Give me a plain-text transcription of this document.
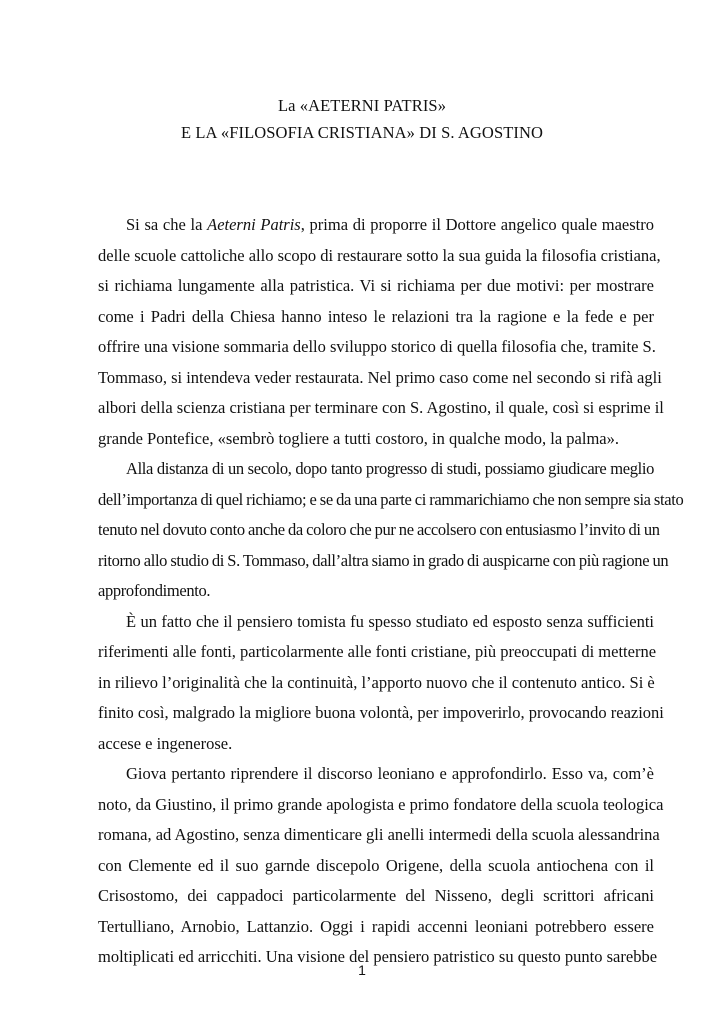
La «AETERNI PATRIS»
E LA «FILOSOFIA CRISTIANA» DI S. AGOSTINO

Si sa che la Aeterni Patris, prima di proporre il Dottore angelico quale maestro
delle scuole cattoliche allo scopo di restaurare sotto la sua guida la filosofia cristiana,
si richiama lungamente alla patristica. Vi si richiama per due motivi: per mostrare
come i Padri della Chiesa hanno inteso le relazioni tra la ragione e la fede e per
offrire una visione sommaria dello sviluppo storico di quella filosofia che, tramite S.
Tommaso, si intendeva veder restaurata. Nel primo caso come nel secondo si rifà agli
albori della scienza cristiana per terminare con S. Agostino, il quale, così si esprime il
grande Pontefice, «sembrò togliere a tutti costoro, in qualche modo, la palma».

Alla distanza di un secolo, dopo tanto progresso di studi, possiamo giudicare meglio
dell’importanza di quel richiamo; e se da una parte ci rammarichiamo che non sempre sia stato
tenuto nel dovuto conto anche da coloro che pur ne accolsero con entusiasmo l’invito di un
ritorno allo studio di S. Tommaso, dall’altra siamo in grado di auspicarne con più ragione un
approfondimento.

È un fatto che il pensiero tomista fu spesso studiato ed esposto senza sufficienti
riferimenti alle fonti, particolarmente alle fonti cristiane, più preoccupati di metterne
in rilievo l’originalità che la continuità, l’apporto nuovo che il contenuto antico. Si è
finito così, malgrado la migliore buona volontà, per impoverirlo, provocando reazioni
accese e ingenerose.

Giova pertanto riprendere il discorso leoniano e approfondirlo. Esso va, com’è
noto, da Giustino, il primo grande apologista e primo fondatore della scuola teologica
romana, ad Agostino, senza dimenticare gli anelli intermedi della scuola alessandrina
con Clemente ed il suo garnde discepolo Origene, della scuola antiochena con il
Crisostomo, dei cappadoci particolarmente del Nisseno, degli scrittori africani
Tertulliano, Arnobio, Lattanzio. Oggi i rapidi accenni leoniani potrebbero essere
moltiplicati ed arricchiti. Una visione del pensiero patristico su questo punto sarebbe

1
